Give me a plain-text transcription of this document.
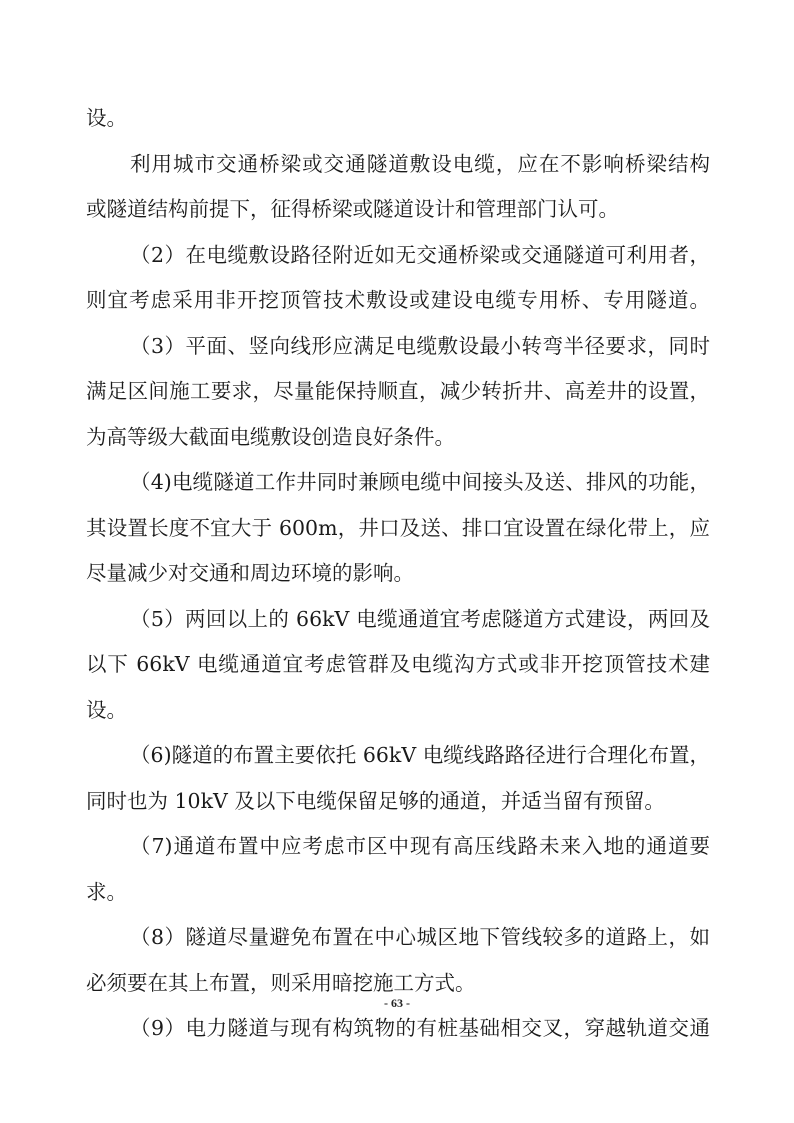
设。
利用城市交通桥梁或交通隧道敷设电缆，应在不影响桥梁结构
或隧道结构前提下，征得桥梁或隧道设计和管理部门认可。
（2）在电缆敷设路径附近如无交通桥梁或交通隧道可利用者，
则宜考虑采用非开挖顶管技术敷设或建设电缆专用桥、专用隧道。
（3）平面、竖向线形应满足电缆敷设最小转弯半径要求，同时
满足区间施工要求，尽量能保持顺直，减少转折井、高差井的设置，
为高等级大截面电缆敷设创造良好条件。
（4)电缆隧道工作井同时兼顾电缆中间接头及送、排风的功能，
其设置长度不宜大于 600m，井口及送、排口宜设置在绿化带上，应
尽量减少对交通和周边环境的影响。
（5）两回以上的 66kV 电缆通道宜考虑隧道方式建设，两回及
以下 66kV 电缆通道宜考虑管群及电缆沟方式或非开挖顶管技术建
设。
（6)隧道的布置主要依托 66kV 电缆线路路径进行合理化布置，
同时也为 10kV 及以下电缆保留足够的通道，并适当留有预留。
（7)通道布置中应考虑市区中现有高压线路未来入地的通道要
求。
（8）隧道尽量避免布置在中心城区地下管线较多的道路上，如
必须要在其上布置，则采用暗挖施工方式。
（9）电力隧道与现有构筑物的有桩基础相交叉，穿越轨道交通
- 63 -
